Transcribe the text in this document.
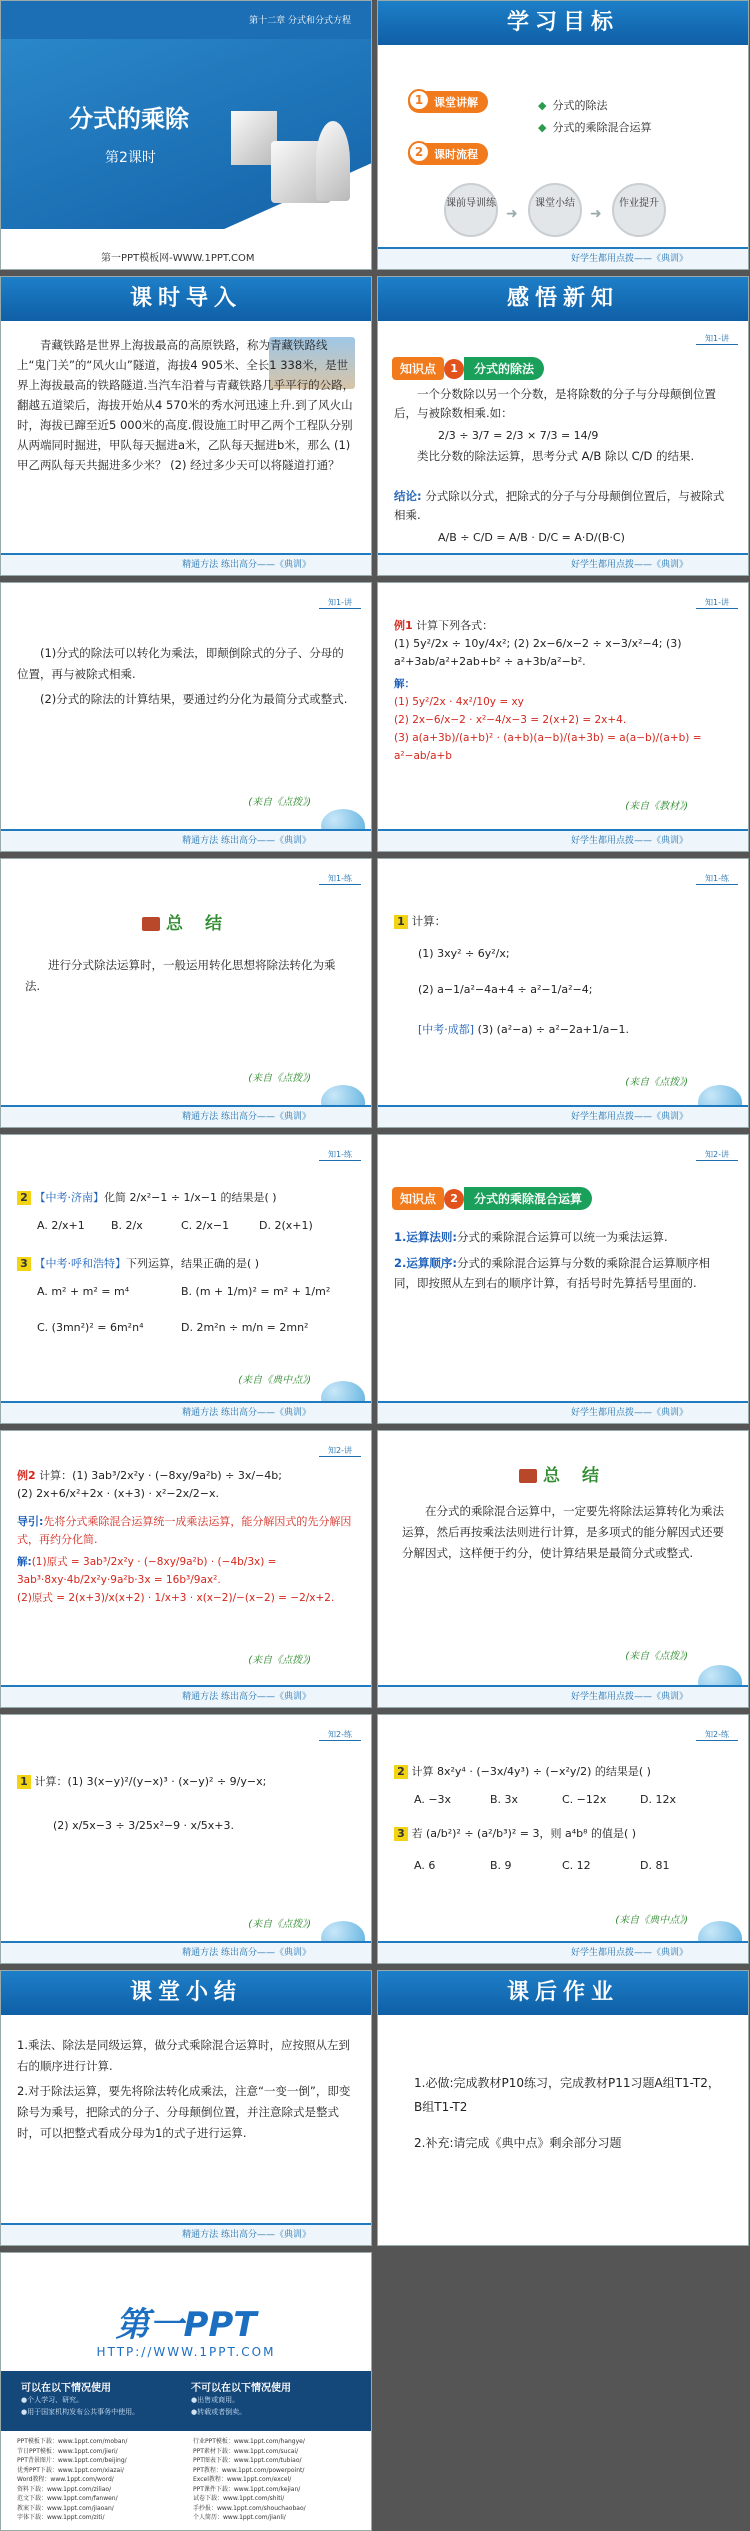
第十二章 分式和分式方程
分式的乘除
第2课时
第一PPT模板网-WWW.1PPT.COM
学习目标
1 课堂讲解
◆	分式的除法
◆ 分式的乘除混合运算
2 课时流程
课前导训练
➜
课堂小结
➜
作业提升
好学生都用点拨——《典训》
课时导入
青藏铁路是世界上海拔最高的高原铁路，称为青藏铁路线上“鬼门关”的“风火山”隧道，海拔4 905米、全长1 338米，是世界上海拔最高的铁路隧道.当汽车沿着与青藏铁路几乎平行的公路，翻越五道梁后，海拔开始从4 570米的秀水河迅速上升.到了风火山时，海拔已蹿至近5 000米的高度.假设施工时甲乙两个工程队分别从两端同时掘进，甲队每天掘进a米，乙队每天掘进b米，那么 (1) 甲乙两队每天共掘进多少米？ (2) 经过多少天可以将隧道打通？
精通方法 练出高分——《典训》
感悟新知
知1-讲
知识点 1 分式的除法
一个分数除以另一个分数，是将除数的分子与分母颠倒位置后，与被除数相乘.如：
2/3 ÷ 3/7 = 2/3 × 7/3 = 14/9
类比分数的除法运算，思考分式 A/B 除以 C/D 的结果.
结论: 分式除以分式，把除式的分子与分母颠倒位置后，与被除式相乘.
A/B ÷ C/D = A/B · D/C = A·D/(B·C)
好学生都用点拨——《典训》
知1-讲
(1)分式的除法可以转化为乘法，即颠倒除式的分子、分母的位置，再与被除式相乘.
(2)分式的除法的计算结果，要通过约分化为最简分式或整式.
(来自《点拨》)
精通方法 练出高分——《典训》
知1-讲
例1 计算下列各式：
(1) 5y²/2x ÷ 10y/4x²; (2) 2x−6/x−2 ÷ x−3/x²−4; (3) a²+3ab/a²+2ab+b² ÷ a+3b/a²−b².
解：
(1) 5y²/2x · 4x²/10y = xy
(2) 2x−6/x−2 · x²−4/x−3 = 2(x+2) = 2x+4.
(3) a(a+3b)/(a+b)² · (a+b)(a−b)/(a+3b) = a(a−b)/(a+b) = a²−ab/a+b
(来自《教材》)
好学生都用点拨——《典训》
知1-练
总 结
进行分式除法运算时，一般运用转化思想将除法转化为乘法.
(来自《点拨》)
精通方法 练出高分——《典训》
知1-练
1 计算：
(1) 3xy² ÷ 6y²/x;
(2) a−1/a²−4a+4 ÷ a²−1/a²−4;
[中考·成都] (3) (a²−a) ÷ a²−2a+1/a−1.
(来自《点拨》)
好学生都用点拨——《典训》
知1-练
2 【中考·济南】化简 2/x²−1 ÷ 1/x−1 的结果是( )
A. 2/x+1 B. 2/x	C. 2/x−1	D. 2(x+1)
3 【中考·呼和浩特】下列运算，结果正确的是( )
A. m² + m² = m⁴	B. (m + 1/m)² = m² + 1/m²
C. (3mn²)² = 6m²n⁴	D. 2m²n ÷ m/n = 2mn²
(来自《典中点》)
精通方法 练出高分——《典训》
知2-讲
知识点 2 分式的乘除混合运算
1.运算法则:分式的乘除混合运算可以统一为乘法运算.
2.运算顺序:分式的乘除混合运算与分数的乘除混合运算顺序相同，即按照从左到右的顺序计算，有括号时先算括号里面的.
好学生都用点拨——《典训》
知2-讲
例2 计算：(1) 3ab³/2x²y · (−8xy/9a²b) ÷ 3x/−4b;
(2) 2x+6/x²+2x · (x+3) · x²−2x/2−x.
导引:先将分式乘除混合运算统一成乘法运算，能分解因式的先分解因式，再约分化简.
解:(1)原式 = 3ab³/2x²y · (−8xy/9a²b) · (−4b/3x) = 3ab³·8xy·4b/2x²y·9a²b·3x = 16b³/9ax².
(2)原式 = 2(x+3)/x(x+2) · 1/x+3 · x(x−2)/−(x−2) = −2/x+2.
(来自《点拨》)
精通方法 练出高分——《典训》
总 结
在分式的乘除混合运算中，一定要先将除法运算转化为乘法运算，然后再按乘法法则进行计算，是多项式的能分解因式还要分解因式，这样便于约分，使计算结果是最简分式或整式.
(来自《点拨》)
好学生都用点拨——《典训》
知2-练
1 计算：(1) 3(x−y)²/(y−x)³ · (x−y)² ÷ 9/y−x;
(2) x/5x−3 ÷ 3/25x²−9 · x/5x+3.
(来自《点拨》)
精通方法 练出高分——《典训》
知2-练
2 计算 8x²y⁴ · (−3x/4y³) ÷ (−x²y/2) 的结果是( )
A. −3x	B. 3x	C. −12x	D. 12x
3 若 (a/b²)² ÷ (a²/b³)² = 3，则 a⁴b⁸ 的值是( )
A. 6	B. 9	C. 12	D. 81
(来自《典中点》)
好学生都用点拨——《典训》
课堂小结
1.乘法、除法是同级运算，做分式乘除混合运算时，应按照从左到右的顺序进行计算.
2.对于除法运算，要先将除法转化成乘法，注意“一变一倒”，即变除号为乘号，把除式的分子、分母颠倒位置，并注意除式是整式时，可以把整式看成分母为1的式子进行运算.
精通方法 练出高分——《典训》
课后作业
1.必做:完成教材P10练习，完成教材P11习题A组T1-T2，B组T1-T2
2.补充:请完成《典中点》剩余部分习题
第一PPT
HTTP://WWW.1PPT.COM
可以在以下情况使用
●个人学习、研究。
●用于国家机构发布公共事务中使用。
不可以在以下情况使用
●出售或商用。
●转载或者倒卖。
PPT模板下载：www.1ppt.com/moban/
节日PPT模板：www.1ppt.com/jieri/
PPT背景图片：www.1ppt.com/beijing/
优秀PPT下载：www.1ppt.com/xiazai/
Word教程：www.1ppt.com/word/
资料下载：www.1ppt.com/ziliao/
范文下载：www.1ppt.com/fanwen/
教案下载：www.1ppt.com/jiaoan/
字体下载：www.1ppt.com/ziti/
行业PPT模板：www.1ppt.com/hangye/
PPT素材下载：www.1ppt.com/sucai/
PPT图表下载：www.1ppt.com/tubiao/
PPT教程：www.1ppt.com/powerpoint/
Excel教程：www.1ppt.com/excel/
PPT课件下载：www.1ppt.com/kejian/
试卷下载：www.1ppt.com/shiti/
手抄报：www.1ppt.com/shouchaobao/
个人简历：www.1ppt.com/jianli/
